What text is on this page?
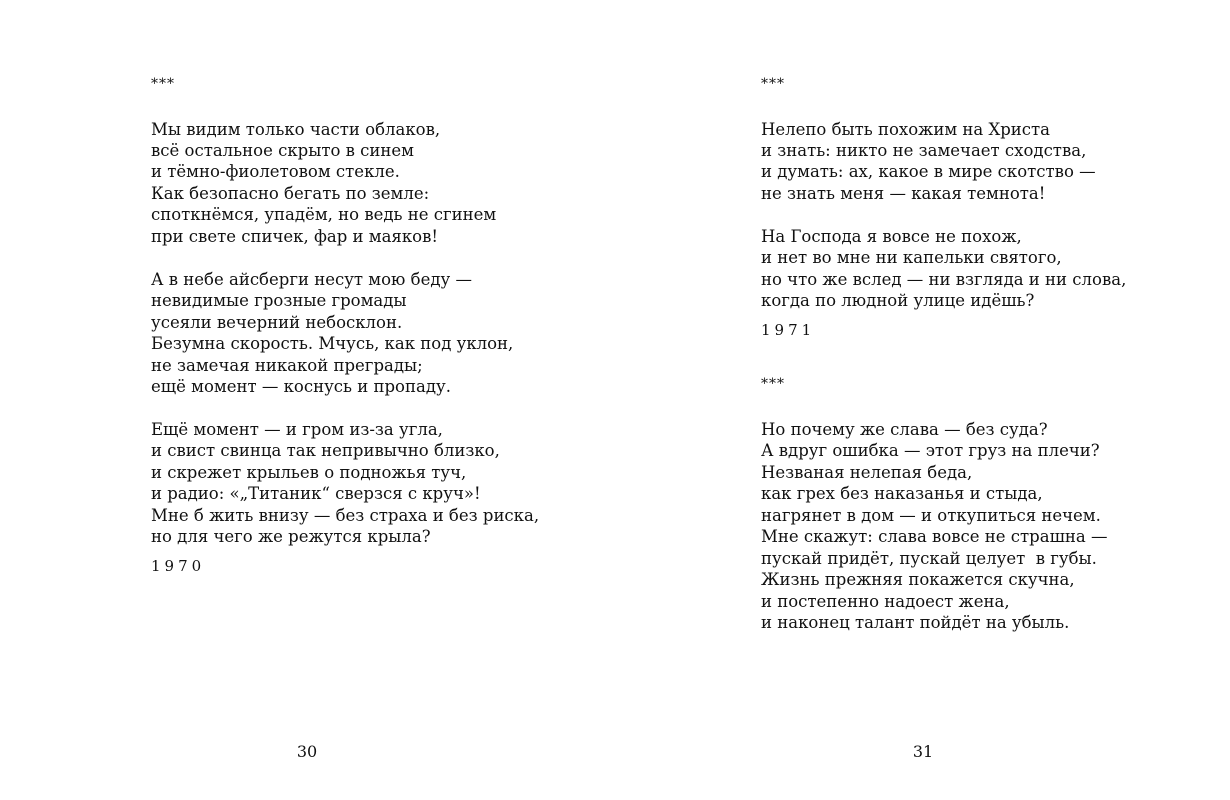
***
Мы видим только части облаков,
всё остальное скрыто в синем
и тёмно-фиолетовом стекле.
Как безопасно бегать по земле:
споткнёмся, упадём, но ведь не сгинем
при свете спичек, фар и маяков!
А в небе айсберги несут мою беду —
невидимые грозные громады
усеяли вечерний небосклон.
Безумна скорость. Мчусь, как под уклон,
не замечая никакой преграды;
ещё момент — коснусь и пропаду.
Ещё момент — и гром из-за угла,
и свист свинца так непривычно близко,
и скрежет крыльев о подножья туч,
и радио: «„Титаник“ сверзся с круч»!
Мне б жить внизу — без страха и без риска,
но для чего же режутся крыла?
1970
30
***
Нелепо быть похожим на Христа
и знать: никто не замечает сходства,
и думать: ах, какое в мире скотство —
не знать меня — какая темнота!
На Господа я вовсе не похож,
и нет во мне ни капельки святого,
но что же вслед — ни взгляда и ни слова,
когда по людной улице идёшь?
1971
***
Но почему же слава — без суда?
А вдруг ошибка — этот груз на плечи?
Незваная нелепая беда,
как грех без наказанья и стыда,
нагрянет в дом — и откупиться нечем.
Мне скажут: слава вовсе не страшна —
пускай придёт, пускай целует  в губы.
Жизнь прежняя покажется скучна,
и постепенно надоест жена,
и наконец талант пойдёт на убыль.
31
